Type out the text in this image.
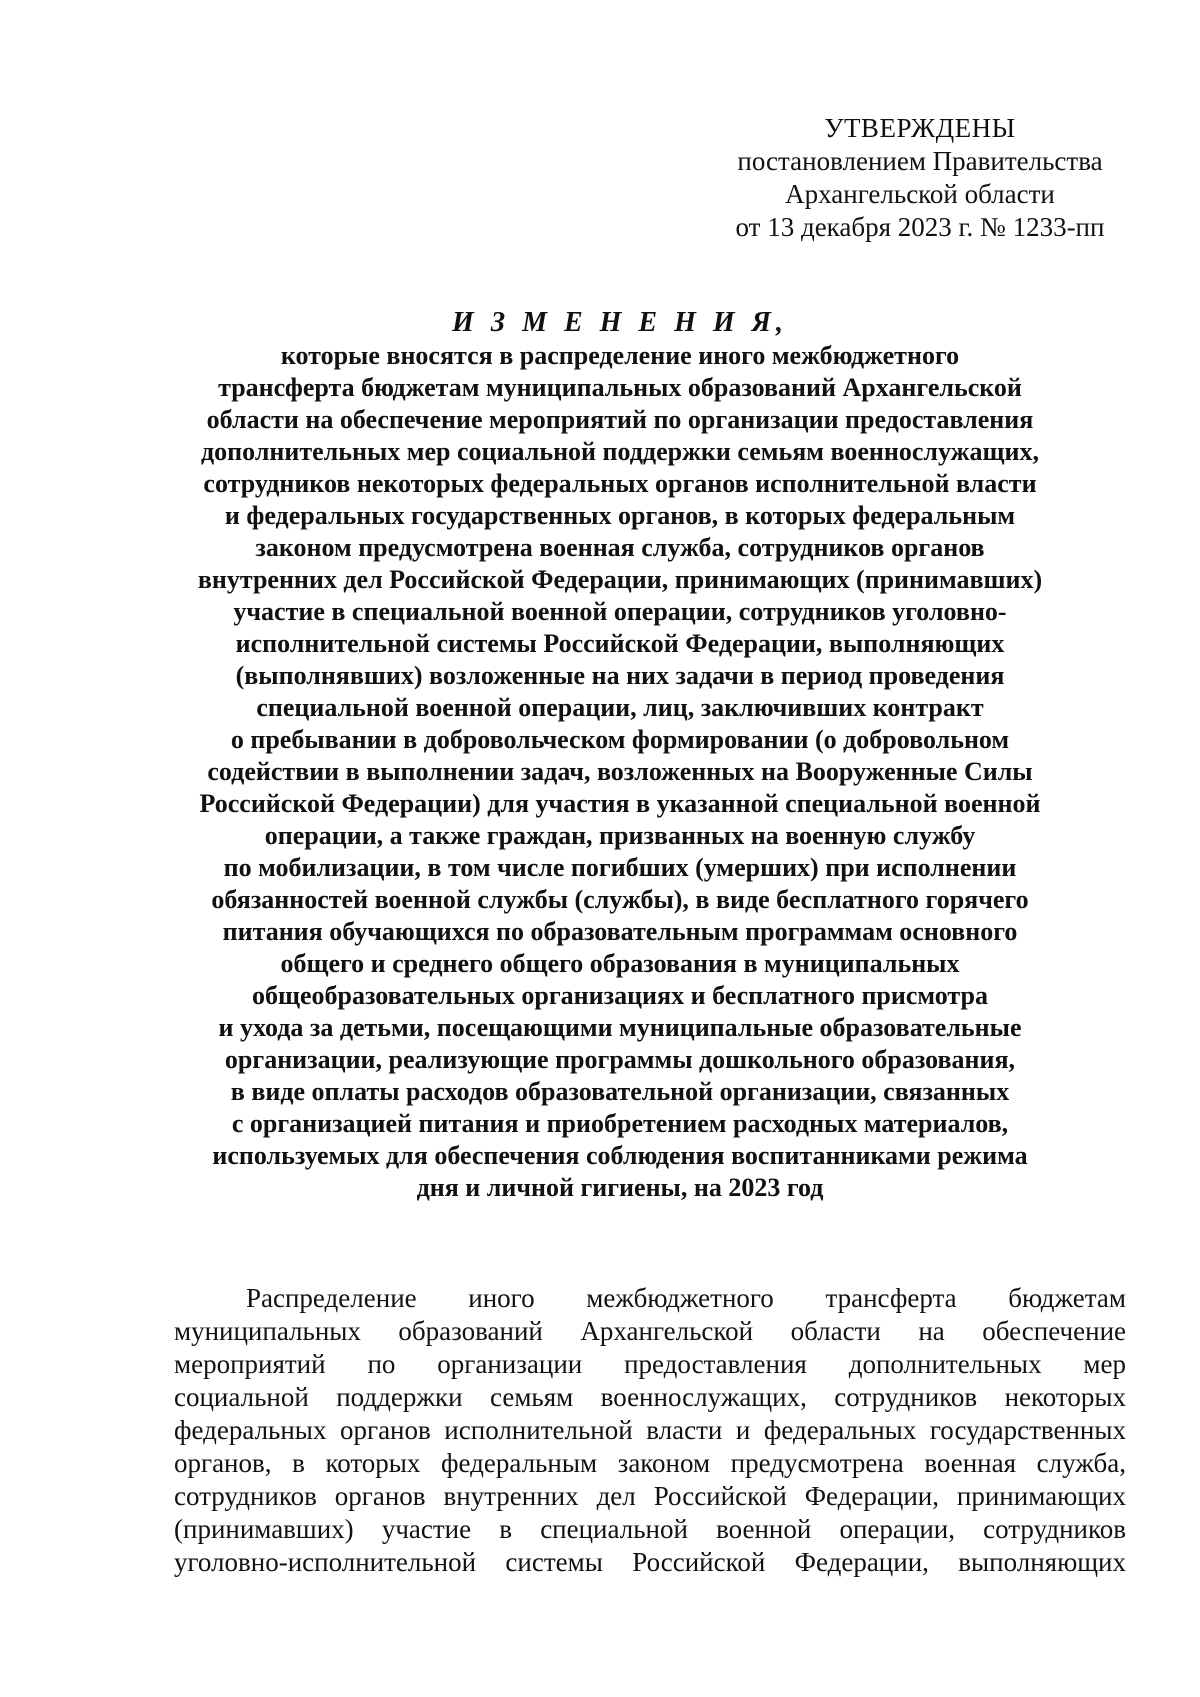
УТВЕРЖДЕНЫ
постановлением Правительства
Архангельской области
от 13 декабря 2023 г. № 1233-пп
И З М Е Н Е Н И Я,
которые вносятся в распределение иного межбюджетного
трансферта бюджетам муниципальных образований Архангельской
области на обеспечение мероприятий по организации предоставления
дополнительных мер социальной поддержки семьям военнослужащих,
сотрудников некоторых федеральных органов исполнительной власти
и федеральных государственных органов, в которых федеральным
законом предусмотрена военная служба, сотрудников органов
внутренних дел Российской Федерации, принимающих (принимавших)
участие в специальной военной операции, сотрудников уголовно-
исполнительной системы Российской Федерации, выполняющих
(выполнявших) возложенные на них задачи в период проведения
специальной военной операции, лиц, заключивших контракт
о пребывании в добровольческом формировании (о добровольном
содействии в выполнении задач, возложенных на Вооруженные Силы
Российской Федерации) для участия в указанной специальной военной
операции, а также граждан, призванных на военную службу
по мобилизации, в том числе погибших (умерших) при исполнении
обязанностей военной службы (службы), в виде бесплатного горячего
питания обучающихся по образовательным программам основного
общего и среднего общего образования в муниципальных
общеобразовательных организациях и бесплатного присмотра
и ухода за детьми, посещающими муниципальные образовательные
организации, реализующие программы дошкольного образования,
в виде оплаты расходов образовательной организации, связанных
с организацией питания и приобретением расходных материалов,
используемых для обеспечения соблюдения воспитанниками режима
дня и личной гигиены, на 2023 год
Распределение иного межбюджетного трансферта бюджетам
муниципальных образований Архангельской области на обеспечение
мероприятий по организации предоставления дополнительных мер
социальной поддержки семьям военнослужащих, сотрудников некоторых
федеральных органов исполнительной власти и федеральных государственных
органов, в которых федеральным законом предусмотрена военная служба,
сотрудников органов внутренних дел Российской Федерации, принимающих
(принимавших) участие в специальной военной операции, сотрудников
уголовно-исполнительной системы Российской Федерации, выполняющих
